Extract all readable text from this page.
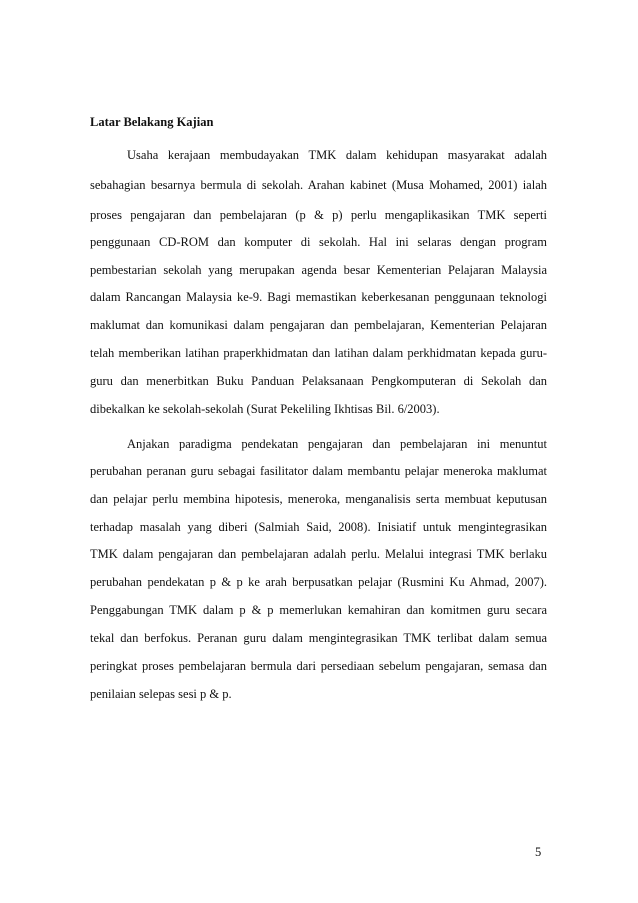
Latar Belakang Kajian
Usaha kerajaan membudayakan TMK dalam kehidupan masyarakat adalah
sebahagian besarnya bermula di sekolah. Arahan kabinet (Musa Mohamed, 2001) ialah
proses pengajaran dan pembelajaran (p & p) perlu mengaplikasikan TMK seperti
penggunaan CD-ROM dan komputer di sekolah. Hal ini selaras dengan program
pembestarian sekolah yang merupakan agenda besar Kementerian Pelajaran Malaysia
dalam Rancangan Malaysia ke-9. Bagi memastikan keberkesanan penggunaan teknologi
maklumat dan komunikasi dalam pengajaran dan pembelajaran, Kementerian Pelajaran
telah memberikan latihan praperkhidmatan dan latihan dalam perkhidmatan kepada guru-
guru dan menerbitkan Buku Panduan Pelaksanaan Pengkomputeran di Sekolah dan
dibekalkan ke sekolah-sekolah (Surat Pekeliling Ikhtisas Bil. 6/2003).
Anjakan paradigma pendekatan pengajaran dan pembelajaran ini menuntut
perubahan peranan guru sebagai fasilitator dalam membantu pelajar meneroka maklumat
dan pelajar perlu membina hipotesis, meneroka, menganalisis serta membuat keputusan
terhadap masalah yang diberi (Salmiah Said, 2008). Inisiatif untuk mengintegrasikan
TMK dalam pengajaran dan pembelajaran adalah perlu. Melalui integrasi TMK berlaku
perubahan pendekatan p & p ke arah berpusatkan pelajar (Rusmini Ku Ahmad, 2007).
Penggabungan TMK dalam p & p memerlukan kemahiran dan komitmen guru secara
tekal dan berfokus. Peranan guru dalam mengintegrasikan TMK terlibat dalam semua
peringkat proses pembelajaran bermula dari persediaan sebelum pengajaran, semasa dan
penilaian selepas sesi p & p.
5
